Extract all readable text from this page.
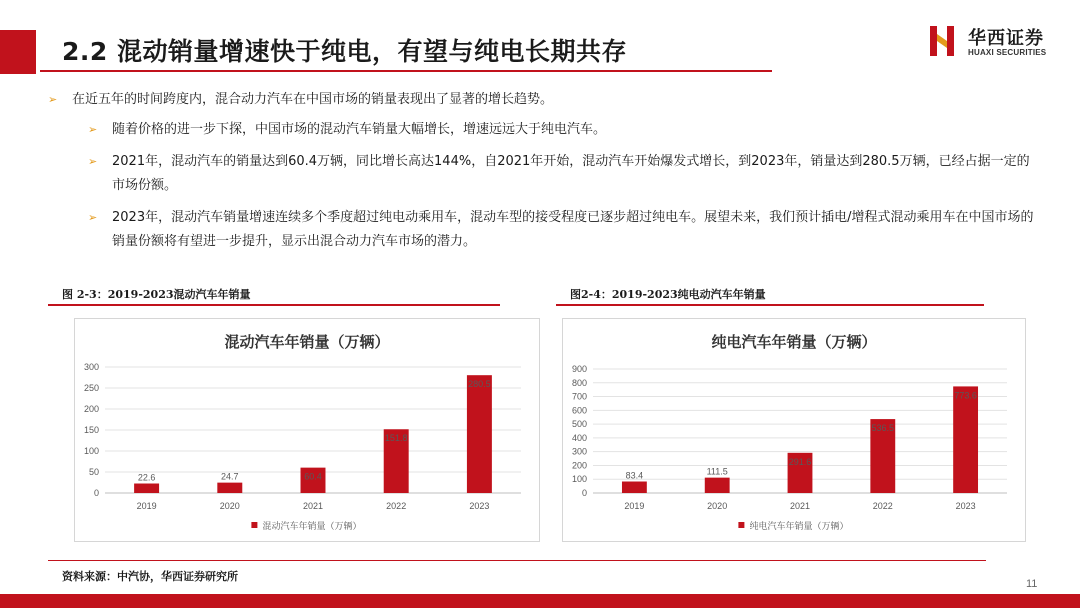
2.2 混动销量增速快于纯电，有望与纯电长期共存	华西证券
HUAXI SECURITIES
➢ 在近五年的时间跨度内，混合动力汽车在中国市场的销量表现出了显著的增长趋势。
➢ 随着价格的进一步下探，中国市场的混动汽车销量大幅增长，增速远远大于纯电汽车。
➢ 2021年，混动汽车的销量达到60.4万辆，同比增长高达144%，自2021年开始，混动汽车开始爆发式增长，到2023年，销量达到280.5万辆，已经占据一定的市场份额。
➢ 2023年，混动汽车销量增速连续多个季度超过纯电动乘用车，混动车型的接受程度已逐步超过纯电车。展望未来，我们预计插电/增程式混动乘用车在中国市场的销量份额将有望进一步提升，显示出混合动力汽车市场的潜力。
图 2-3：2019-2023混动汽车年销量	图2-4：2019-2023纯电动汽车年销量
混动汽车年销量（万辆）
0
50
100
150
200
250
300
22.6
2019
24.7
2020
60.4
2021
151.8
2022
280.5
2023
混动汽车年销量（万辆）
纯电汽车年销量（万辆）
0
100
200
300
400
500
600
700
800
900
83.4
2019
111.5
2020
291.6
2021
536.5
2022
773.6
2023
纯电汽车年销量（万辆）
资料来源：中汽协，华西证券研究所
11
